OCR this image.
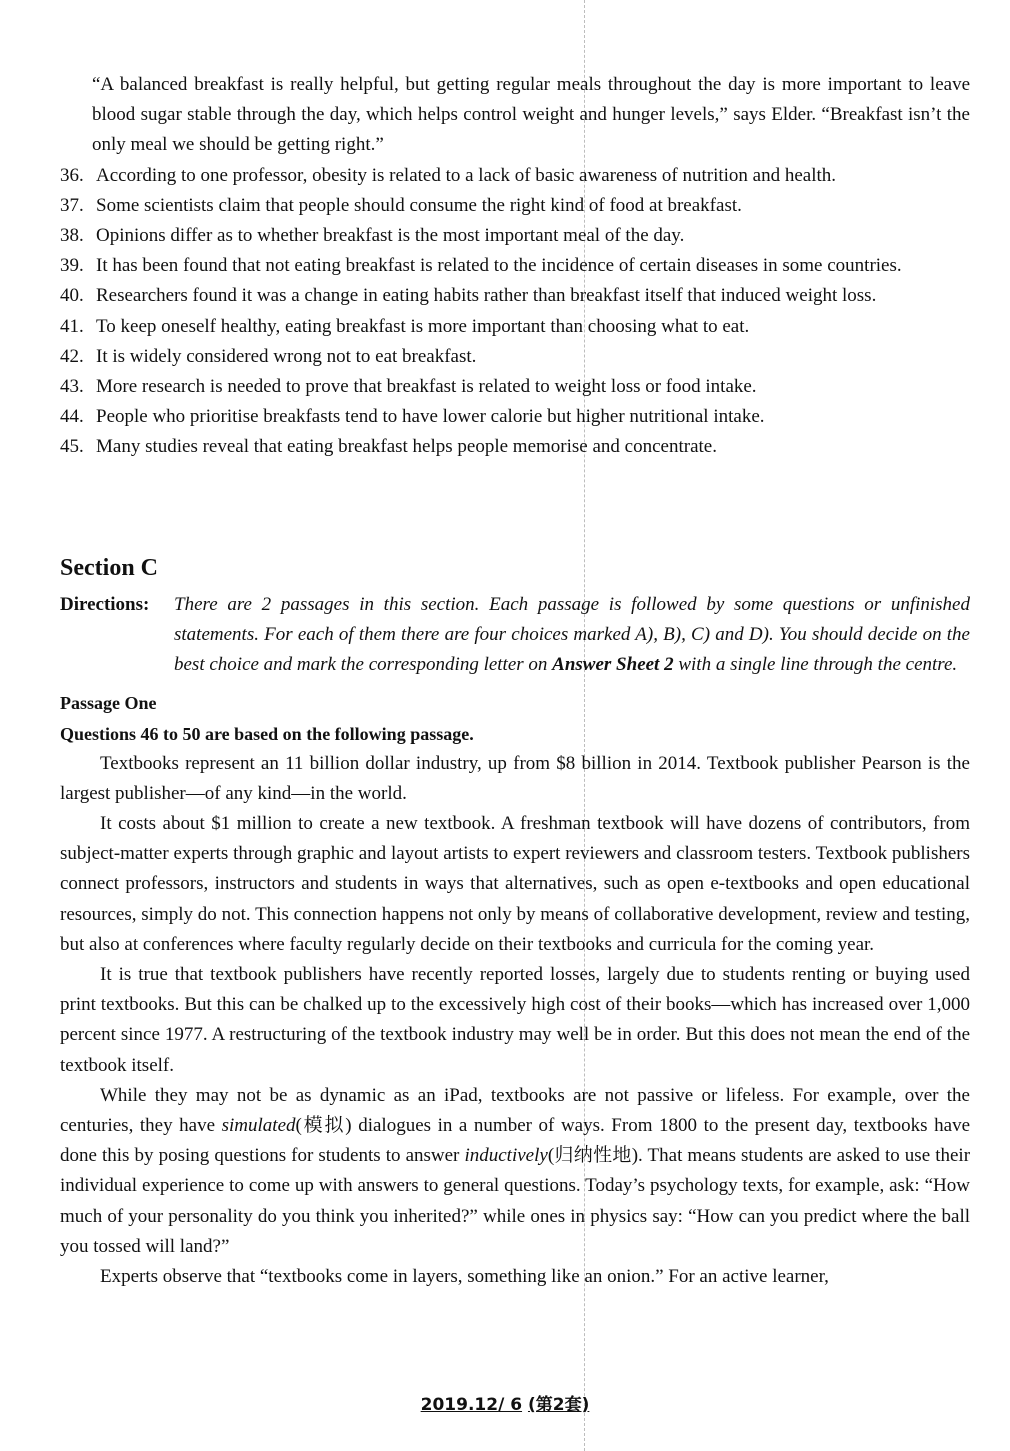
“A balanced breakfast is really helpful, but getting regular meals throughout the day is more important to leave blood sugar stable through the day, which helps control weight and hunger levels,” says Elder. “Breakfast isn’t the only meal we should be getting right.”

36. According to one professor, obesity is related to a lack of basic awareness of nutrition and health.
37. Some scientists claim that people should consume the right kind of food at breakfast.
38. Opinions differ as to whether breakfast is the most important meal of the day.
39. It has been found that not eating breakfast is related to the incidence of certain diseases in some countries.
40. Researchers found it was a change in eating habits rather than breakfast itself that induced weight loss.
41. To keep oneself healthy, eating breakfast is more important than choosing what to eat.
42. It is widely considered wrong not to eat breakfast.
43. More research is needed to prove that breakfast is related to weight loss or food intake.
44. People who prioritise breakfasts tend to have lower calorie but higher nutritional intake.
45. Many studies reveal that eating breakfast helps people memorise and concentrate.
Section C
Directions:	There are 2 passages in this section. Each passage is followed by some questions or unfinished statements. For each of them there are four choices marked A), B), C) and D). You should decide on the best choice and mark the corresponding letter on Answer Sheet 2 with a single line through the centre.
Passage One
Questions 46 to 50 are based on the following passage.

Textbooks represent an 11 billion dollar industry, up from $8 billion in 2014. Textbook publisher Pearson is the largest publisher—of any kind—in the world.

It costs about $1 million to create a new textbook. A freshman textbook will have dozens of contributors, from subject-matter experts through graphic and layout artists to expert reviewers and classroom testers. Textbook publishers connect professors, instructors and students in ways that alternatives, such as open e-textbooks and open educational resources, simply do not. This connection happens not only by means of collaborative development, review and testing, but also at conferences where faculty regularly decide on their textbooks and curricula for the coming year.

It is true that textbook publishers have recently reported losses, largely due to students renting or buying used print textbooks. But this can be chalked up to the excessively high cost of their books—which has increased over 1,000 percent since 1977. A restructuring of the textbook industry may well be in order. But this does not mean the end of the textbook itself.

While they may not be as dynamic as an iPad, textbooks are not passive or lifeless. For example, over the centuries, they have simulated(模拟) dialogues in a number of ways. From 1800 to the present day, textbooks have done this by posing questions for students to answer inductively(归纳性地). That means students are asked to use their individual experience to come up with answers to general questions. Today’s psychology texts, for example, ask: “How much of your personality do you think you inherited?” while ones in physics say: “How can you predict where the ball you tossed will land?”

Experts observe that “textbooks come in layers, something like an onion.” For an active learner,

2019.12/ 6 (第2套)
